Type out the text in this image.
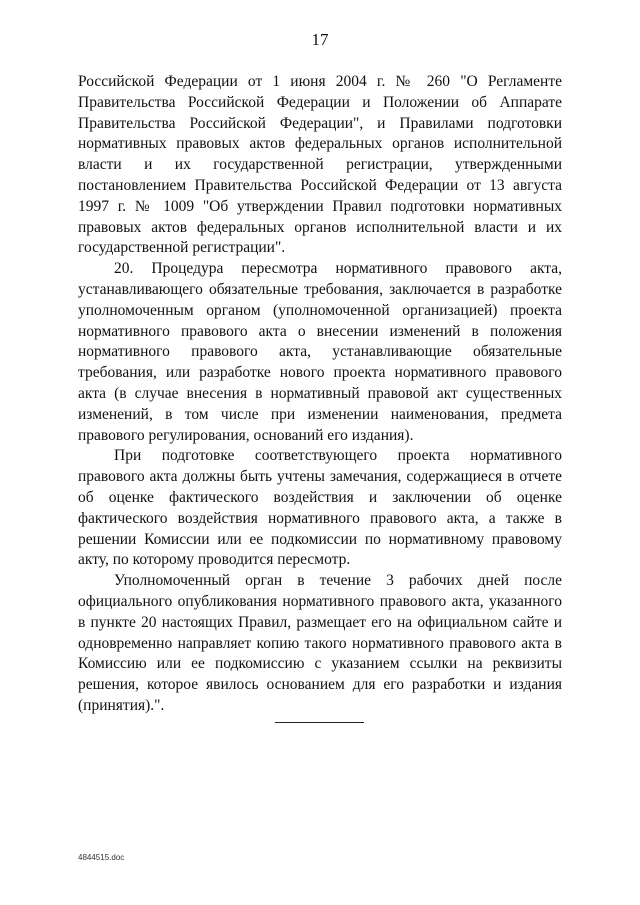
17

Российской Федерации от 1 июня 2004 г. № 260 "О Регламенте Правительства Российской Федерации и Положении об Аппарате Правительства Российской Федерации", и Правилами подготовки нормативных правовых актов федеральных органов исполнительной власти и их государственной регистрации, утвержденными постановлением Правительства Российской Федерации от 13 августа 1997 г. № 1009 "Об утверждении Правил подготовки нормативных правовых актов федеральных органов исполнительной власти и их государственной регистрации".

20. Процедура пересмотра нормативного правового акта, устанавливающего обязательные требования, заключается в разработке уполномоченным органом (уполномоченной организацией) проекта нормативного правового акта о внесении изменений в положения нормативного правового акта, устанавливающие обязательные требования, или разработке нового проекта нормативного правового акта (в случае внесения в нормативный правовой акт существенных изменений, в том числе при изменении наименования, предмета правового регулирования, оснований его издания).

При подготовке соответствующего проекта нормативного правового акта должны быть учтены замечания, содержащиеся в отчете об оценке фактического воздействия и заключении об оценке фактического воздействия нормативного правового акта, а также в решении Комиссии или ее подкомиссии по нормативному правовому акту, по которому проводится пересмотр.

Уполномоченный орган в течение 3 рабочих дней после официального опубликования нормативного правового акта, указанного в пункте 20 настоящих Правил, размещает его на официальном сайте и одновременно направляет копию такого нормативного правового акта в Комиссию или ее подкомиссию с указанием ссылки на реквизиты решения, которое явилось основанием для его разработки и издания (принятия).".

4844515.doc
